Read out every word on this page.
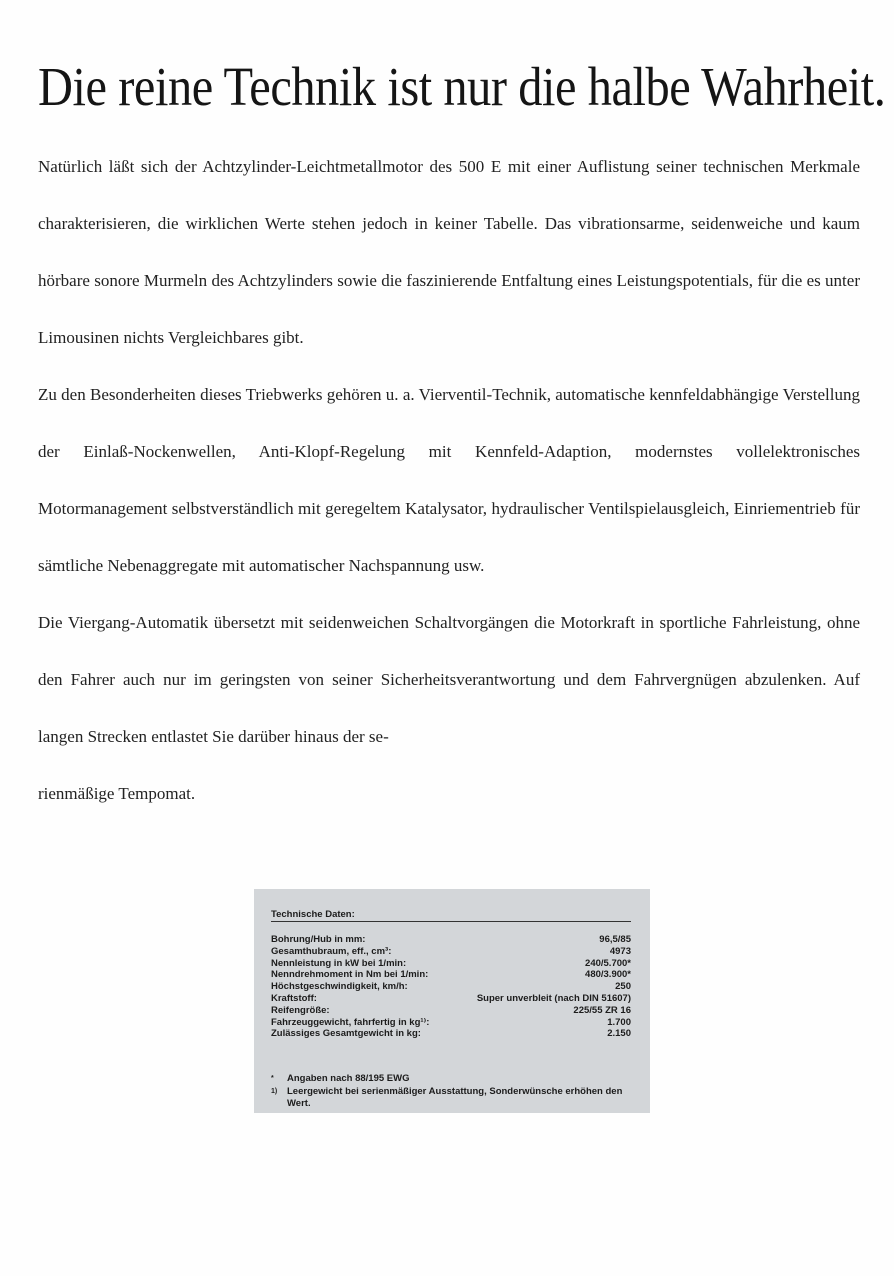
Die reine Technik ist nur die halbe Wahrheit.

Natürlich läßt sich der Achtzylinder-Leichtmetallmotor des 500 E mit einer Auflistung seiner technischen Merkmale charakterisieren, die wirklichen Werte stehen jedoch in keiner Tabelle. Das vibrationsarme, seidenweiche und kaum hörbare sonore Murmeln des Achtzylinders sowie die faszinierende Entfaltung eines Leistungspotentials, für die es unter Limousinen nichts Vergleichbares gibt.

Zu den Besonderheiten dieses Triebwerks gehören u. a. Vierventil-Technik, automatische kennfeldabhängige Verstellung der Einlaß-Nockenwellen, Anti-Klopf-Regelung mit Kennfeld-Adaption, modernstes vollelektronisches Motormanagement selbstverständlich mit geregeltem Katalysator, hydraulischer Ventilspielausgleich, Einriementrieb für sämtliche Nebenaggregate mit automatischer Nachspannung usw.

Die Viergang-Automatik übersetzt mit seidenweichen Schaltvorgängen die Motorkraft in sportliche Fahrleistung, ohne den Fahrer auch nur im geringsten von seiner Sicherheitsverantwortung und dem Fahrvergnügen abzulenken. Auf langen Strecken entlastet Sie darüber hinaus der se-

rienmäßige Tempomat.

Technische Daten:
Bohrung/Hub in mm:	96,5/85
Gesamthubraum, eff., cm³:	4973
Nennleistung in kW bei 1/min:	240/5.700*
Nenndrehmoment in Nm bei 1/min:	480/3.900*
Höchstgeschwindigkeit, km/h:	250
Kraftstoff:	Super unverbleit (nach DIN 51607)
Reifengröße:	225/55 ZR 16
Fahrzeuggewicht, fahrfertig in kg¹⁾:	1.700
Zulässiges Gesamtgewicht in kg:	2.150
*	Angaben nach 88/195 EWG
1)	Leergewicht bei serienmäßiger Ausstattung, Sonderwünsche erhöhen den Wert.
